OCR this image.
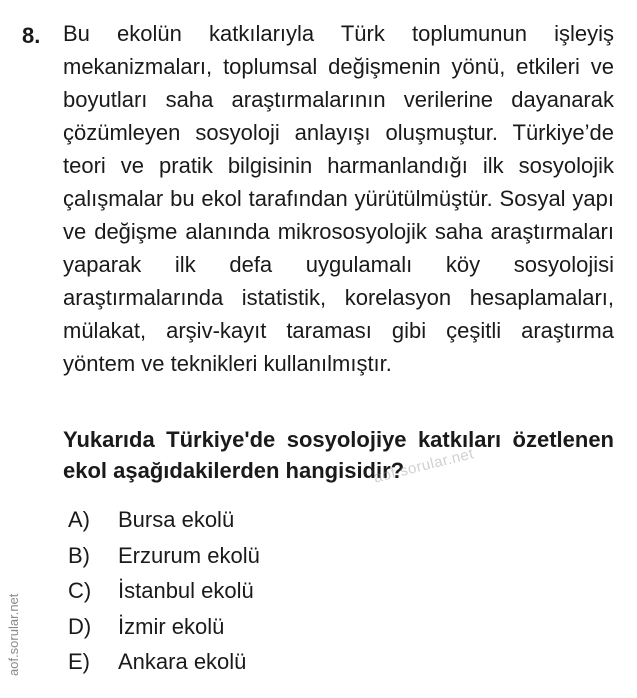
8. Bu ekolün katkılarıyla Türk toplumunun işleyiş mekanizmaları, toplumsal değişmenin yönü, etkileri ve boyutları saha araştırmalarının verilerine dayanarak çözümleyen sosyoloji anlayışı oluşmuştur. Türkiye’de teori ve pratik bilgisinin harmanlandığı ilk sosyolojik çalışmalar bu ekol tarafından yürütülmüştür. Sosyal yapı ve değişme alanında mikrososyolojik saha araştırmaları yaparak ilk defa uygulamalı köy sosyolojisi araştırmalarında istatistik, korelasyon hesaplamaları, mülakat, arşiv-kayıt taraması gibi çeşitli araştırma yöntem ve teknikleri kullanılmıştır.

Yukarıda Türkiye'de sosyolojiye katkıları özetlenen ekol aşağıdakilerden hangisidir?

A)	Bursa ekolü
B)	Erzurum ekolü
C)	İstanbul ekolü
D)	İzmir ekolü
E)	Ankara ekolü
aof.sorular.net
aof.sorular.net
